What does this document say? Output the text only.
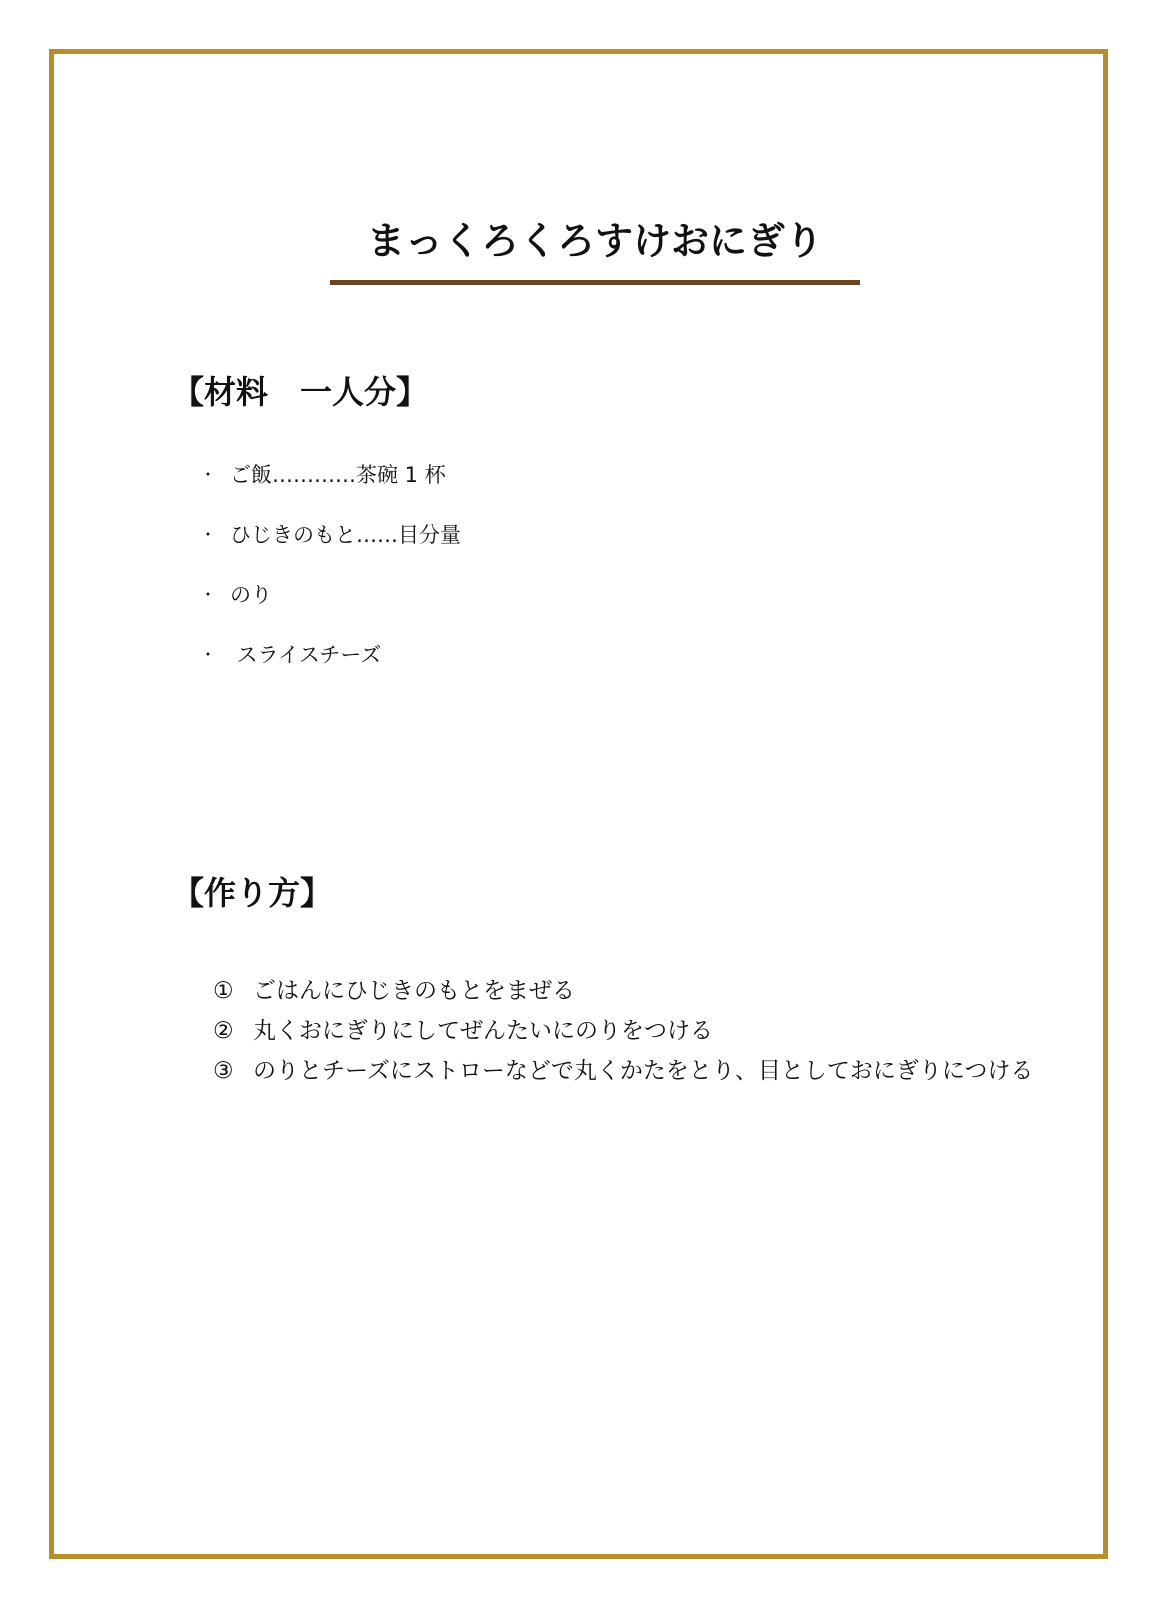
まっくろくろすけおにぎり
【材料　一人分】
・ ご飯…………茶碗 1 杯
・ ひじきのもと……目分量
・ のり
・ スライスチーズ
【作り方】
① ごはんにひじきのもとをまぜる
② 丸くおにぎりにしてぜんたいにのりをつける
③ のりとチーズにストローなどで丸くかたをとり、目としておにぎりにつける
